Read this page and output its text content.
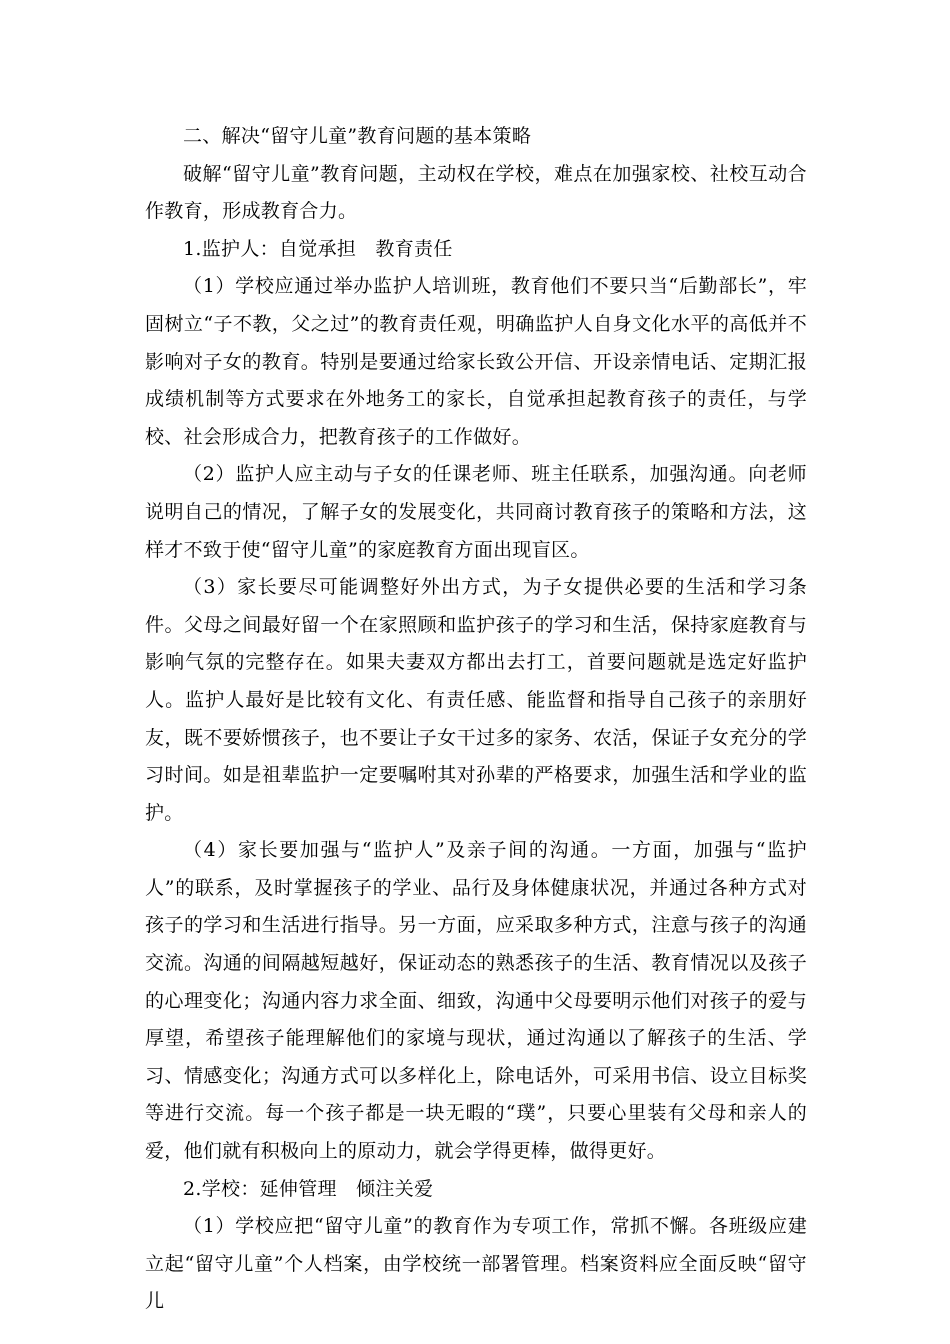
二、解决“留守儿童”教育问题的基本策略

破解“留守儿童”教育问题，主动权在学校，难点在加强家校、社校互动合作教育，形成教育合力。

1.监护人：自觉承担　教育责任

（1）学校应通过举办监护人培训班，教育他们不要只当“后勤部长”，牢固树立“子不教，父之过”的教育责任观，明确监护人自身文化水平的高低并不影响对子女的教育。特别是要通过给家长致公开信、开设亲情电话、定期汇报成绩机制等方式要求在外地务工的家长，自觉承担起教育孩子的责任，与学校、社会形成合力，把教育孩子的工作做好。

（2）监护人应主动与子女的任课老师、班主任联系，加强沟通。向老师说明自己的情况，了解子女的发展变化，共同商讨教育孩子的策略和方法，这样才不致于使“留守儿童”的家庭教育方面出现盲区。

（3）家长要尽可能调整好外出方式，为子女提供必要的生活和学习条件。父母之间最好留一个在家照顾和监护孩子的学习和生活，保持家庭教育与影响气氛的完整存在。如果夫妻双方都出去打工，首要问题就是选定好监护人。监护人最好是比较有文化、有责任感、能监督和指导自己孩子的亲朋好友，既不要娇惯孩子，也不要让子女干过多的家务、农活，保证子女充分的学习时间。如是祖辈监护一定要嘱咐其对孙辈的严格要求，加强生活和学业的监护。

（4）家长要加强与“监护人”及亲子间的沟通。一方面，加强与“监护人”的联系，及时掌握孩子的学业、品行及身体健康状况，并通过各种方式对孩子的学习和生活进行指导。另一方面，应采取多种方式，注意与孩子的沟通交流。沟通的间隔越短越好，保证动态的熟悉孩子的生活、教育情况以及孩子的心理变化；沟通内容力求全面、细致，沟通中父母要明示他们对孩子的爱与厚望，希望孩子能理解他们的家境与现状，通过沟通以了解孩子的生活、学习、情感变化；沟通方式可以多样化上，除电话外，可采用书信、设立目标奖等进行交流。每一个孩子都是一块无暇的“璞”，只要心里装有父母和亲人的爱，他们就有积极向上的原动力，就会学得更棒，做得更好。

2.学校：延伸管理　倾注关爱

（1）学校应把“留守儿童”的教育作为专项工作，常抓不懈。各班级应建立起“留守儿童”个人档案，由学校统一部署管理。档案资料应全面反映“留守儿
